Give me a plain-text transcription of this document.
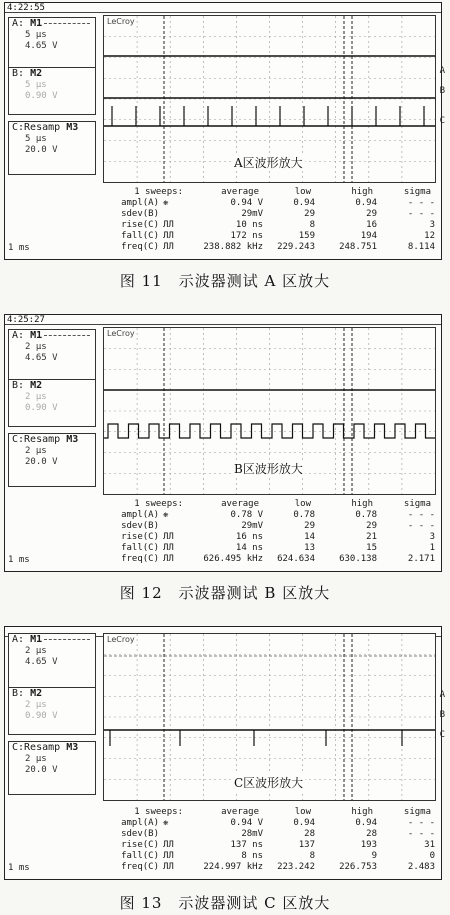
4:22:55
A: M1
5 μs
4.65 V
B: M2
5 μs
0.90 V
C:Resamp M3
5 μs
20.0 V
LeCroy
A区波形放大
A
B
C
1 sweeps:	average	low	high	sigma
ampl(A) ❋	0.94 V	0.94	0.94	- - -
sdev(B)	29mV	29	29	- - -
rise(C) ЛЛ	10 ns	8	16	3
fall(C) ЛЛ	172 ns	159	194	12
freq(C) ЛЛ	238.882 kHz	229.243	248.751	8.114
1 ms
图 11　示波器测试 A 区放大
4:25:27
A: M1
2 μs
4.65 V
B: M2
2 μs
0.90 V
C:Resamp M3
2 μs
20.0 V
LeCroy
B区波形放大
1 sweeps:	average	low	high	sigma
ampl(A) ❋	0.78 V	0.78	0.78	- - -
sdev(B)	29mV	29	29	- - -
rise(C) ЛЛ	16 ns	14	21	3
fall(C) ЛЛ	14 ns	13	15	1
freq(C) ЛЛ	626.495 kHz	624.634	630.138	2.171
1 ms
图 12　示波器测试 B 区放大
A: M1
2 μs
4.65 V
B: M2
2 μs
0.90 V
C:Resamp M3
2 μs
20.0 V
LeCroy
C区波形放大
A
B
C
1 sweeps:	average	low	high	sigma
ampl(A) ❋	0.94 V	0.94	0.94	- - -
sdev(B)	28mV	28	28	- - -
rise(C) ЛЛ	137 ns	137	193	31
fall(C) ЛЛ	8 ns	8	9	0
freq(C) ЛЛ	224.997 kHz	223.242	226.753	2.483
1 ms
图 13　示波器测试 C 区放大
